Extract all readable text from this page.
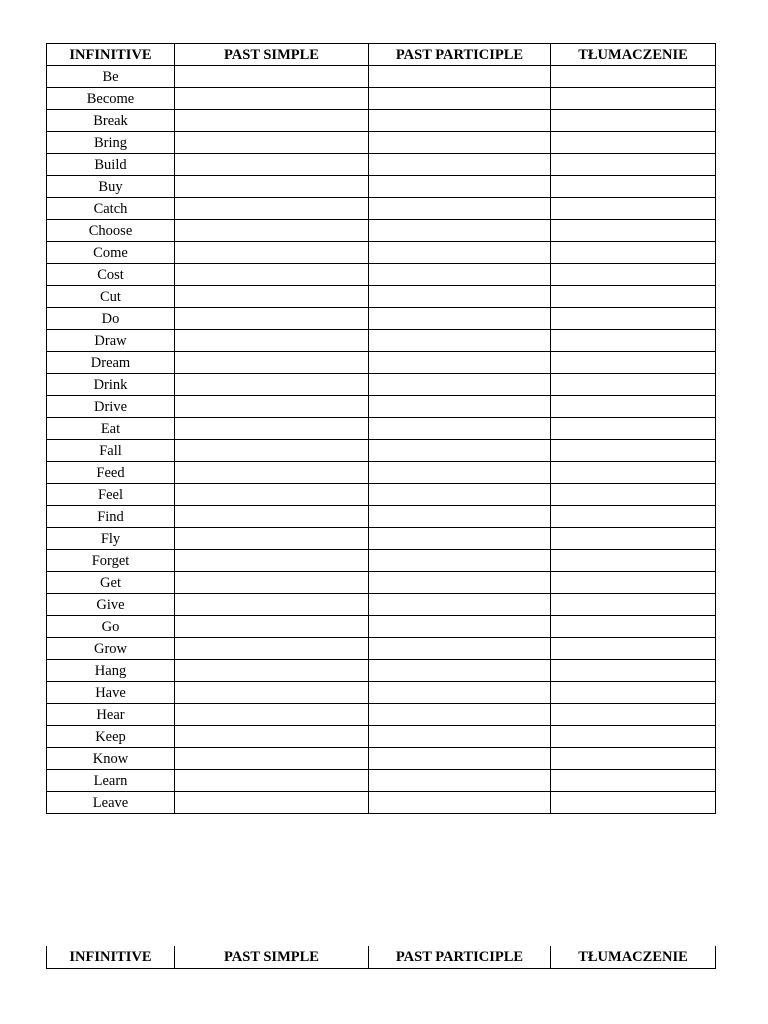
INFINITIVE	PAST SIMPLE	PAST PARTICIPLE	TŁUMACZENIE
Be			
Become			
Break			
Bring			
Build			
Buy			
Catch			
Choose			
Come			
Cost			
Cut			
Do			
Draw			
Dream			
Drink			
Drive			
Eat			
Fall			
Feed			
Feel			
Find			
Fly			
Forget			
Get			
Give			
Go			
Grow			
Hang			
Have			
Hear			
Keep			
Know			
Learn			
Leave			
INFINITIVE	PAST SIMPLE	PAST PARTICIPLE	TŁUMACZENIE
